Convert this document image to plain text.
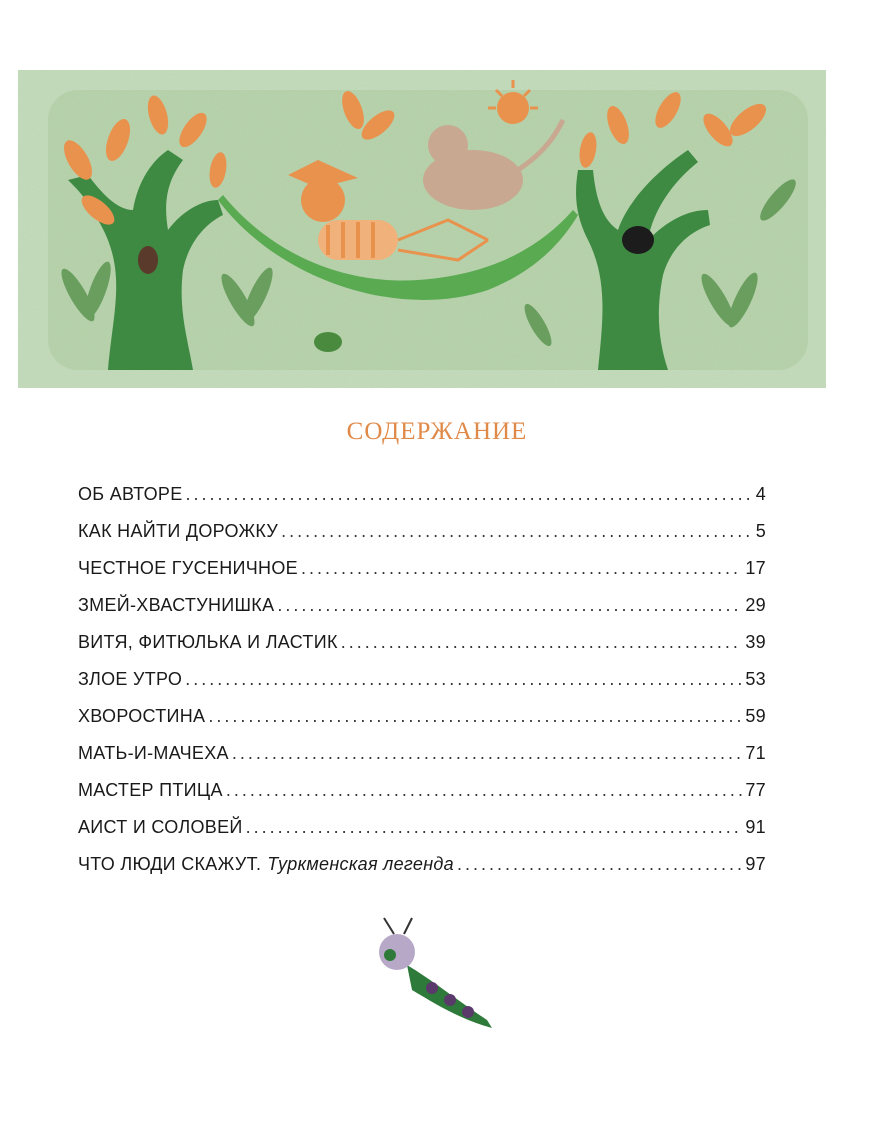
СОДЕРЖАНИЕ
ОБ АВТОРЕ . . .	4
КАК НАЙТИ ДОРОЖКУ . . .	5
ЧЕСТНОЕ ГУСЕНИЧНОЕ . . .	17
ЗМЕЙ-ХВАСТУНИШКА . . .	29
ВИТЯ, ФИТЮЛЬКА И ЛАСТИК . . .	39
ЗЛОЕ УТРО . . .	53
ХВОРОСТИНА . . .	59
МАТЬ-И-МАЧЕХА . . .	71
МАСТЕР ПТИЦА . . .	77
АИСТ И СОЛОВЕЙ . . .	91
ЧТО ЛЮДИ СКАЖУТ. Туркменская легенда . . .	97
